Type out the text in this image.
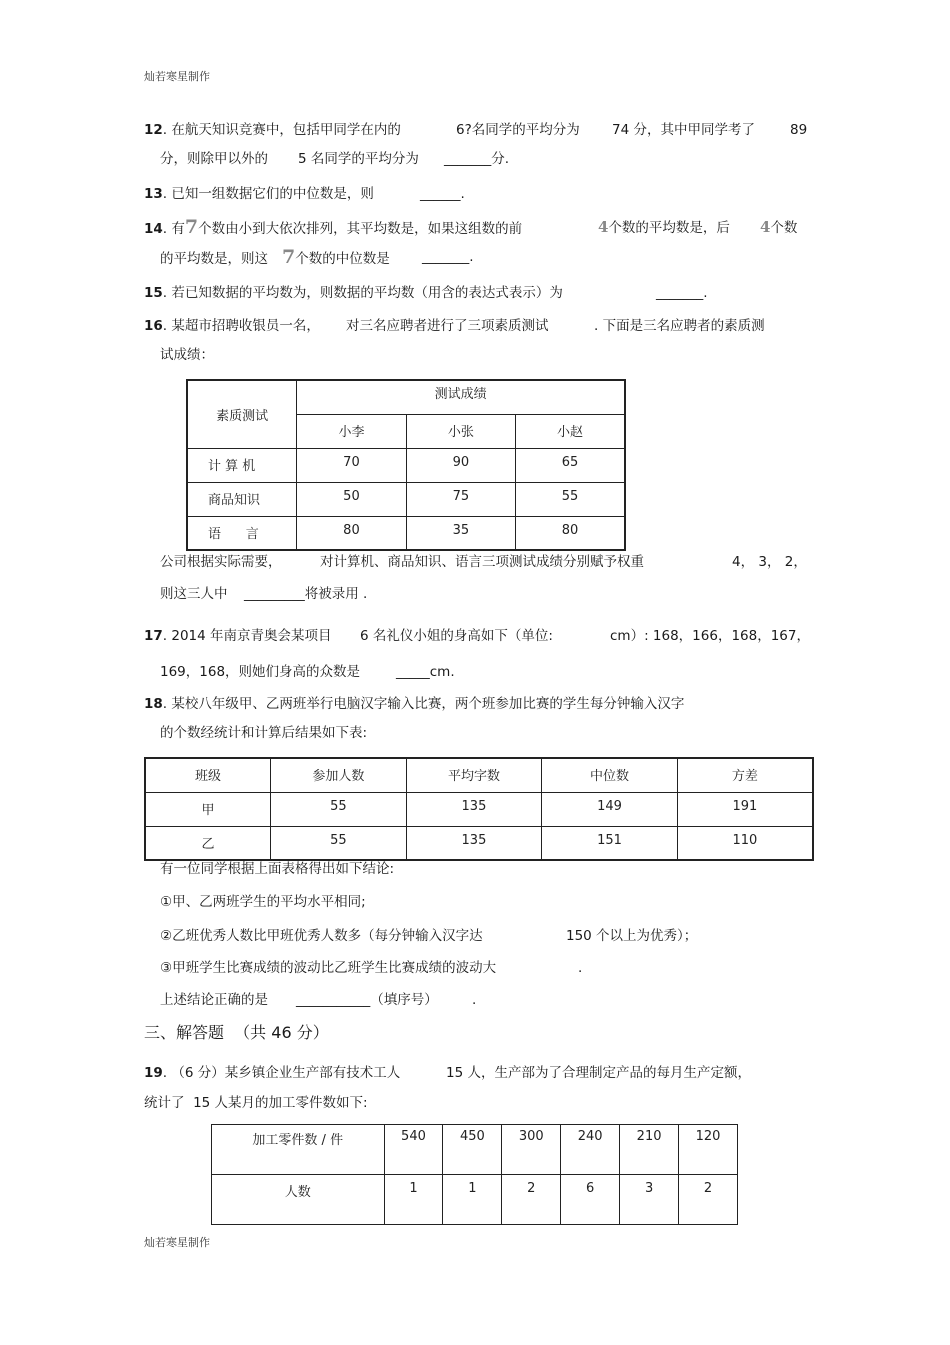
灿若寒星制作
12. 在航天知识竞赛中，包括甲同学在内的	6?名同学的平均分为 74 分，其中甲同学考了	89
分，则除甲以外的 5 名同学的平均分为 _______分.
13. 已知一组数据它们的中位数是，则	______.
14. 有7个数由小到大依次排列，其平均数是，如果这组数的前	4个数的平均数是，后 4个数
的平均数是，则这 7个数的中位数是 _______.
15. 若已知数据的平均数为，则数据的平均数（用含的表达式表示）为	_______.
16. 某超市招聘收银员一名， 对三名应聘者进行了三项素质测试	. 下面是三名应聘者的素质测
试成绩：
素质测试	测试成绩		
	小李	小张	小赵
计 算 机	70	90	65
商品知识	50	75	55
语      言	80	35	80
公司根据实际需要，	对计算机、商品知识、语言三项测试成绩分别赋予权重	4， 3， 2，
则这三人中 _________将被录用 .
17. 2014 年南京青奥会某项目 6 名礼仪小姐的身高如下（单位:	cm）: 168，166，168，167，
169，168，则她们身高的众数是	_____cm.
18. 某校八年级甲、乙两班举行电脑汉字输入比赛，两个班参加比赛的学生每分钟输入汉字
的个数经统计和计算后结果如下表:
班级	参加人数	平均字数	中位数	方差
甲	55	135	149	191
乙	55	135	151	110
有一位同学根据上面表格得出如下结论:
①甲、乙两班学生的平均水平相同;
②乙班优秀人数比甲班优秀人数多（每分钟输入汉字达	150 个以上为优秀）；
③甲班学生比赛成绩的波动比乙班学生比赛成绩的波动大	.
上述结论正确的是 ___________（填序号）	.
三、解答题  （共 46 分）
19. （6 分）某乡镇企业生产部有技术工人	15 人，生产部为了合理制定产品的每月生产定额，
统计了  15 人某月的加工零件数如下:
加工零件数 / 件	540	450	300	240	210	120
人数	1	1	2	6	3	2
灿若寒星制作
